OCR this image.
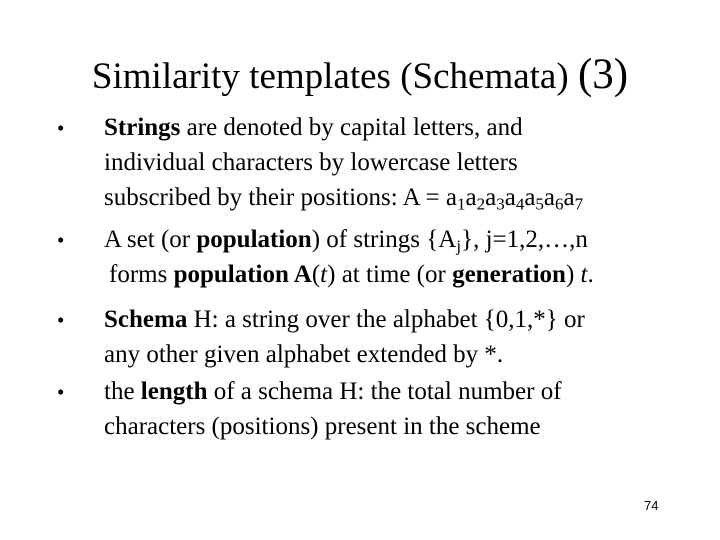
Similarity templates (Schemata) (3)
• Strings are denoted by capital letters, and
individual characters by lowercase letters
subscribed by their positions: $A = a_1a_2a_3a_4a_5a_6a_7$
• A set (or population) of strings $\{A_j\}$, j=1,2,…,n
forms population A(t) at time (or generation) t.
• Schema H: a string over the alphabet {0,1,*} or
any other given alphabet extended by *.
• the length of a schema H: the total number of
characters (positions) present in the scheme
74
